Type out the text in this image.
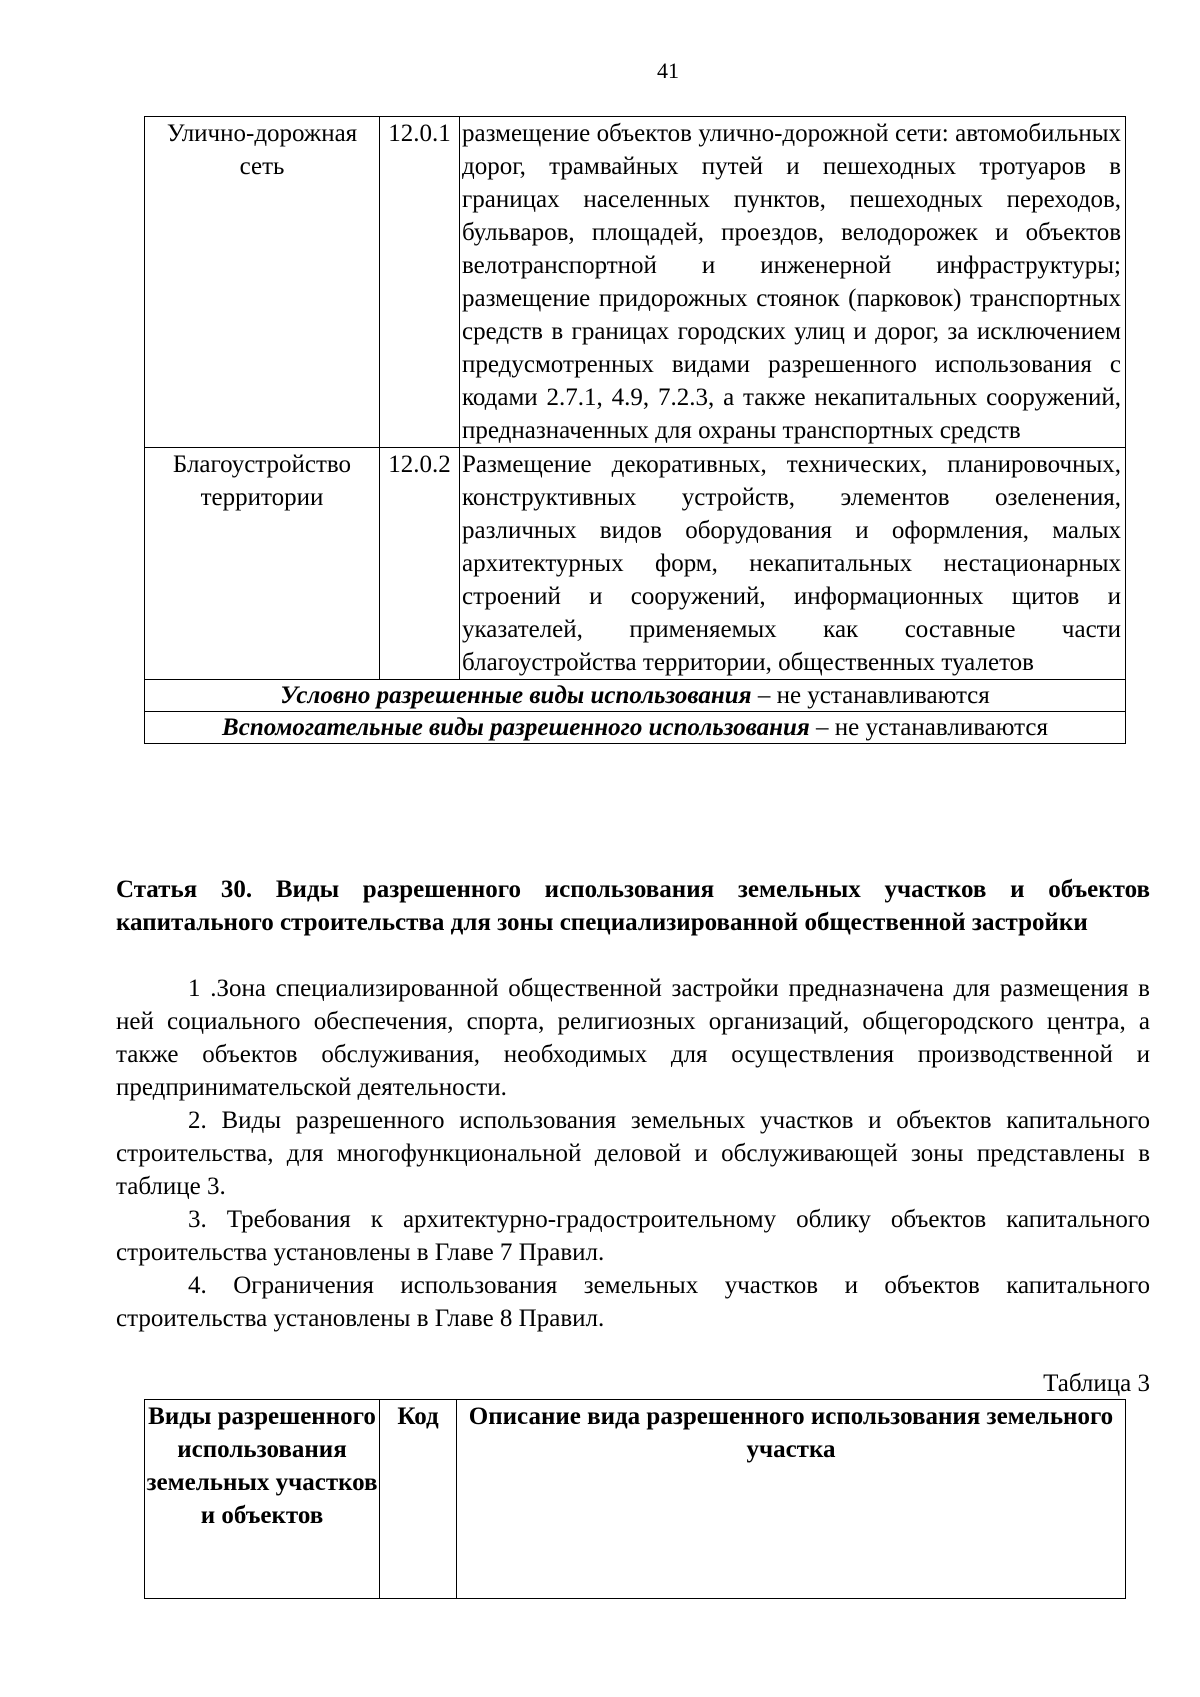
41
Улично-дорожная сеть	12.0.1	размещение объектов улично-дорожной сети: автомобильных дорог, трамвайных путей и пешеходных тротуаров в границах населенных пунктов, пешеходных переходов, бульваров, площадей, проездов, велодорожек и объектов велотранспортной и инженерной инфраструктуры; размещение придорожных стоянок (парковок) транспортных средств в границах городских улиц и дорог, за исключением предусмотренных видами разрешенного использования с кодами 2.7.1, 4.9, 7.2.3, а также некапитальных сооружений, предназначенных для охраны транспортных средств
Благоустройство территории	12.0.2	Размещение декоративных, технических, планировочных, конструктивных устройств, элементов озеленения, различных видов оборудования и оформления, малых архитектурных форм, некапитальных нестационарных строений и сооружений, информационных щитов и указателей, применяемых как составные части благоустройства территории, общественных туалетов
Условно разрешенные виды использования – не устанавливаются		
Вспомогательные виды разрешенного использования – не устанавливаются		

Статья 30. Виды разрешенного использования земельных участков и объектов капитального строительства для зоны специализированной общественной застройки

1 .Зона специализированной общественной застройки предназначена для размещения в ней социального обеспечения, спорта, религиозных организаций, общегородского центра, а также объектов обслуживания, необходимых для осуществления производственной и предпринимательской деятельности.

2. Виды разрешенного использования земельных участков и объектов капитального строительства, для многофункциональной деловой и обслуживающей зоны представлены в таблице 3.

3. Требования к архитектурно-градостроительному облику объектов капитального строительства установлены в Главе 7 Правил.

4. Ограничения использования земельных участков и объектов капитального строительства установлены в Главе 8 Правил.

Таблица 3
Виды разрешенного использования земельных участков и объектов	Код	Описание вида разрешенного использования земельного участка
